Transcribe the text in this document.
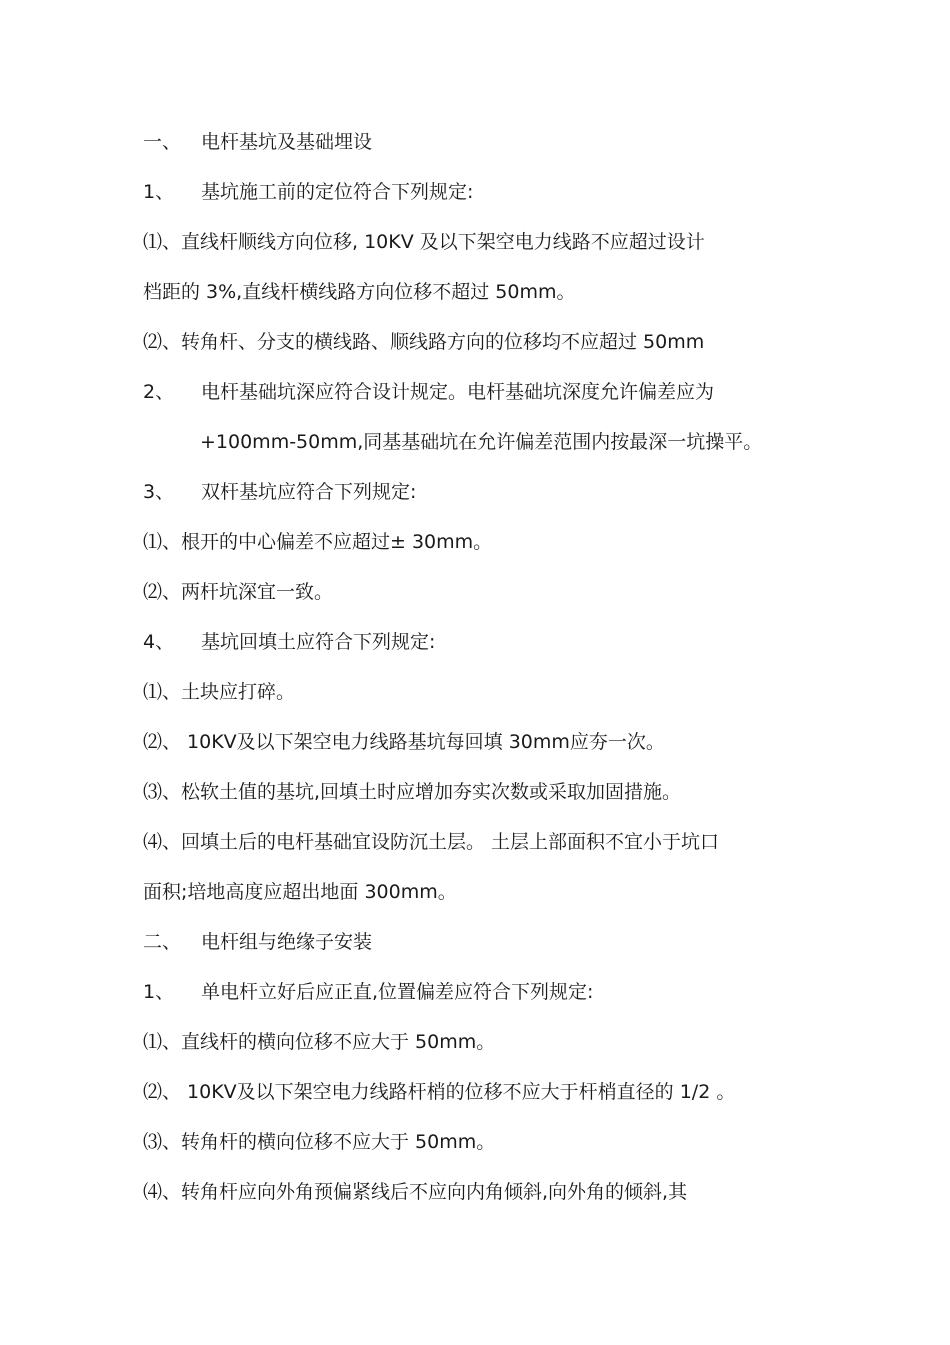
一、 电杆基坑及基础埋设
1、 基坑施工前的定位符合下列规定:
⑴、直线杆顺线方向位移, 10KV 及以下架空电力线路不应超过设计
档距的 3%,直线杆横线路方向位移不超过 50mm。
⑵、转角杆、分支的横线路、顺线路方向的位移均不应超过 50mm
2、 电杆基础坑深应符合设计规定。电杆基础坑深度允许偏差应为
+100mm-50mm,同基基础坑在允许偏差范围内按最深一坑操平。
3、 双杆基坑应符合下列规定:
⑴、根开的中心偏差不应超过± 30mm。
⑵、两杆坑深宜一致。
4、 基坑回填土应符合下列规定:
⑴、土块应打碎。
⑵、 10KV及以下架空电力线路基坑每回填 30mm应夯一次。
⑶、松软土值的基坑,回填土时应增加夯实次数或采取加固措施。
⑷、回填土后的电杆基础宜设防沉土层。 土层上部面积不宜小于坑口
面积;培地高度应超出地面 300mm。
二、 电杆组与绝缘子安装
1、 单电杆立好后应正直,位置偏差应符合下列规定:
⑴、直线杆的横向位移不应大于 50mm。
⑵、 10KV及以下架空电力线路杆梢的位移不应大于杆梢直径的 1/2 。
⑶、转角杆的横向位移不应大于 50mm。
⑷、转角杆应向外角预偏紧线后不应向内角倾斜,向外角的倾斜,其
